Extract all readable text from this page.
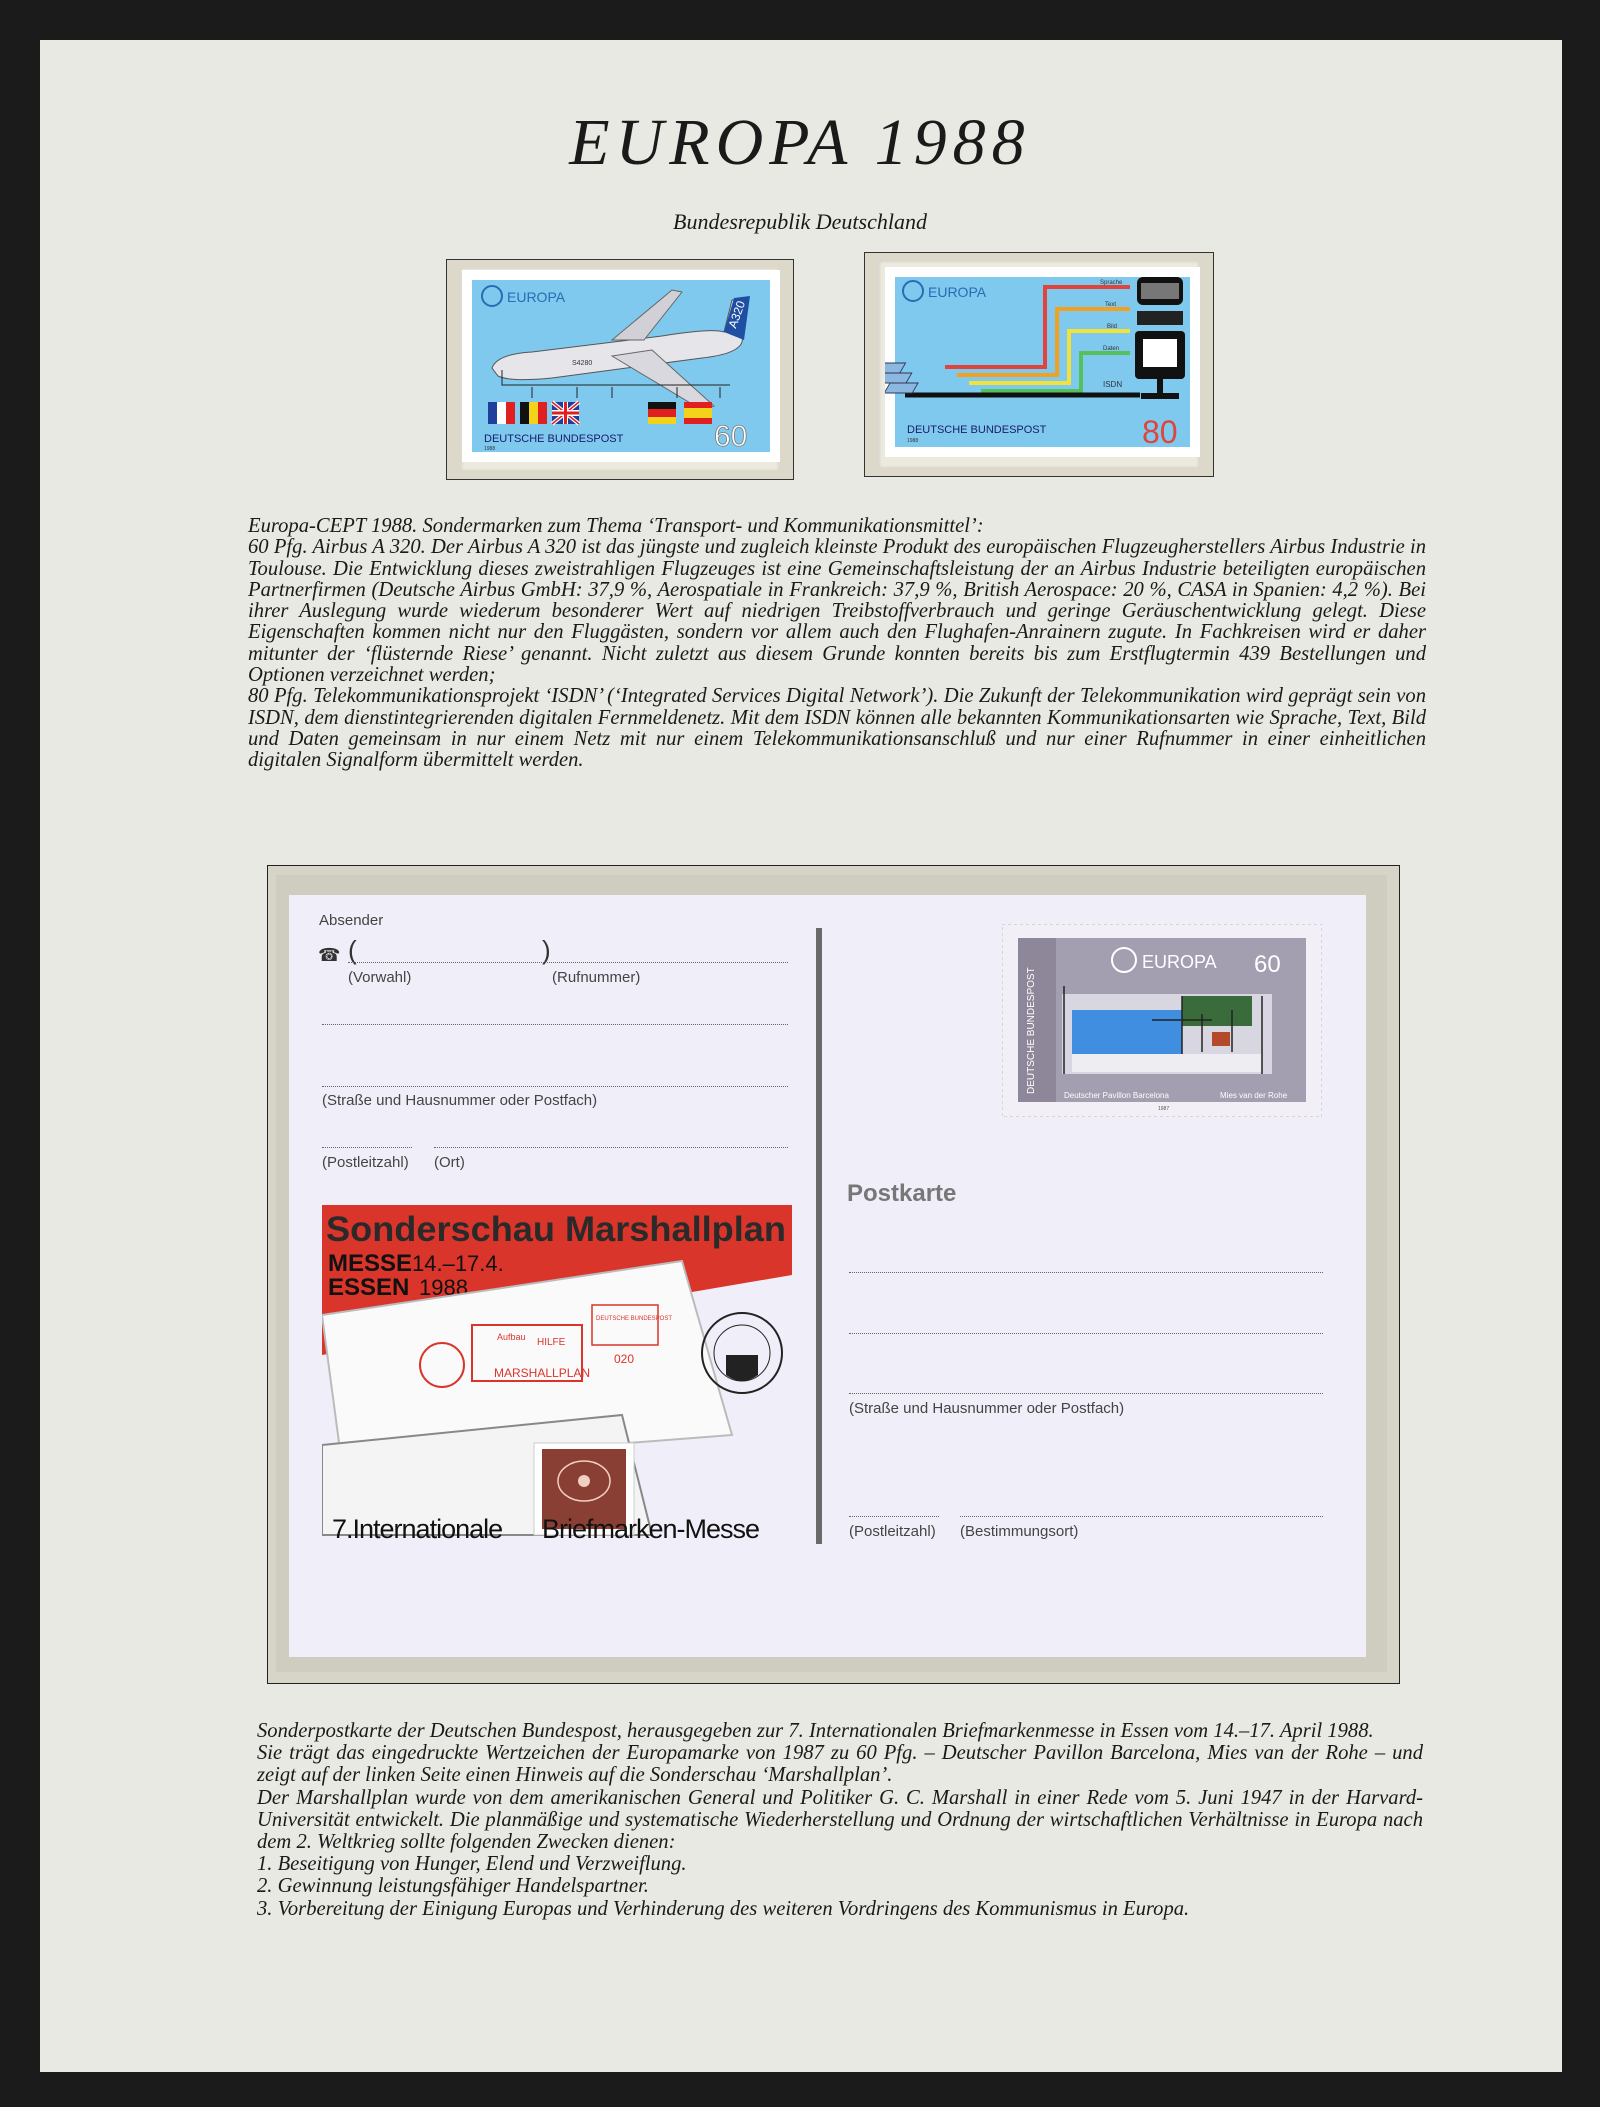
EUROPA 1988
Bundesrepublik Deutschland
EUROPA
A320
S4280
DEUTSCHE BUNDESPOST
1988	60
EUROPA
Sprache
Text
Bild
Daten
ISDN
DEUTSCHE BUNDESPOST
1988	80

Europa-CEPT 1988. Sondermarken zum Thema ‘Transport- und Kommunikationsmittel’:

60 Pfg. Airbus A 320. Der Airbus A 320 ist das jüngste und zugleich kleinste Produkt des europäischen Flugzeugherstellers Airbus Industrie in Toulouse. Die Entwicklung dieses zweistrahligen Flugzeuges ist eine Gemeinschaftsleistung der an Airbus Industrie beteiligten europäischen Partnerfirmen (Deutsche Airbus GmbH: 37,9 %, Aerospatiale in Frankreich: 37,9 %, British Aerospace: 20 %, CASA in Spanien: 4,2 %). Bei ihrer Auslegung wurde wiederum besonderer Wert auf niedrigen Treibstoffverbrauch und geringe Geräuschentwicklung gelegt. Diese Eigenschaften kommen nicht nur den Fluggästen, sondern vor allem auch den Flughafen-Anrainern zugute. In Fachkreisen wird er daher mitunter der ‘flüsternde Riese’ genannt. Nicht zuletzt aus diesem Grunde konnten bereits bis zum Erstflugtermin 439 Bestellungen und Optionen verzeichnet werden;

80 Pfg. Telekommunikationsprojekt ‘ISDN’ (‘Integrated Services Digital Network’). Die Zukunft der Telekommunikation wird geprägt sein von ISDN, dem dienstintegrierenden digitalen Fernmeldenetz. Mit dem ISDN können alle bekannten Kommunikationsarten wie Sprache, Text, Bild und Daten gemeinsam in nur einem Netz mit nur einem Telekommunikationsanschluß und nur einer Rufnummer in einer einheitlichen digitalen Signalform übermittelt werden.

Absender
☎ (	)
(Vorwahl)	(Rufnummer)
(Straße und Hausnummer oder Postfach)
(Postleitzahl) (Ort)
DEUTSCHE BUNDESPOST
EUROPA 60
Deutscher Pavillon Barcelona	Mies van der Rohe
1987
Postkarte
(Straße und Hausnummer oder Postfach)
(Postleitzahl) (Bestimmungsort)
Sonderschau Marshallplan
MESSE
ESSEN
14.–17.4.
1988
Aufbau HILFE
MARSHALLPLAN
DEUTSCHE BUNDESPOST
020
7.Internationale Briefmarken-Messe

Sonderpostkarte der Deutschen Bundespost, herausgegeben zur 7. Internationalen Briefmarkenmesse in Essen vom 14.–17. April 1988.

Sie trägt das eingedruckte Wertzeichen der Europamarke von 1987 zu 60 Pfg. – Deutscher Pavillon Barcelona, Mies van der Rohe – und zeigt auf der linken Seite einen Hinweis auf die Sonderschau ‘Marshallplan’.

Der Marshallplan wurde von dem amerikanischen General und Politiker G. C. Marshall in einer Rede vom 5. Juni 1947 in der Harvard-Universität entwickelt. Die planmäßige und systematische Wiederherstellung und Ordnung der wirtschaftlichen Verhältnisse in Europa nach dem 2. Weltkrieg sollte folgenden Zwecken dienen:

1. Beseitigung von Hunger, Elend und Verzweiflung.

2. Gewinnung leistungsfähiger Handelspartner.

3. Vorbereitung der Einigung Europas und Verhinderung des weiteren Vordringens des Kommunismus in Europa.
